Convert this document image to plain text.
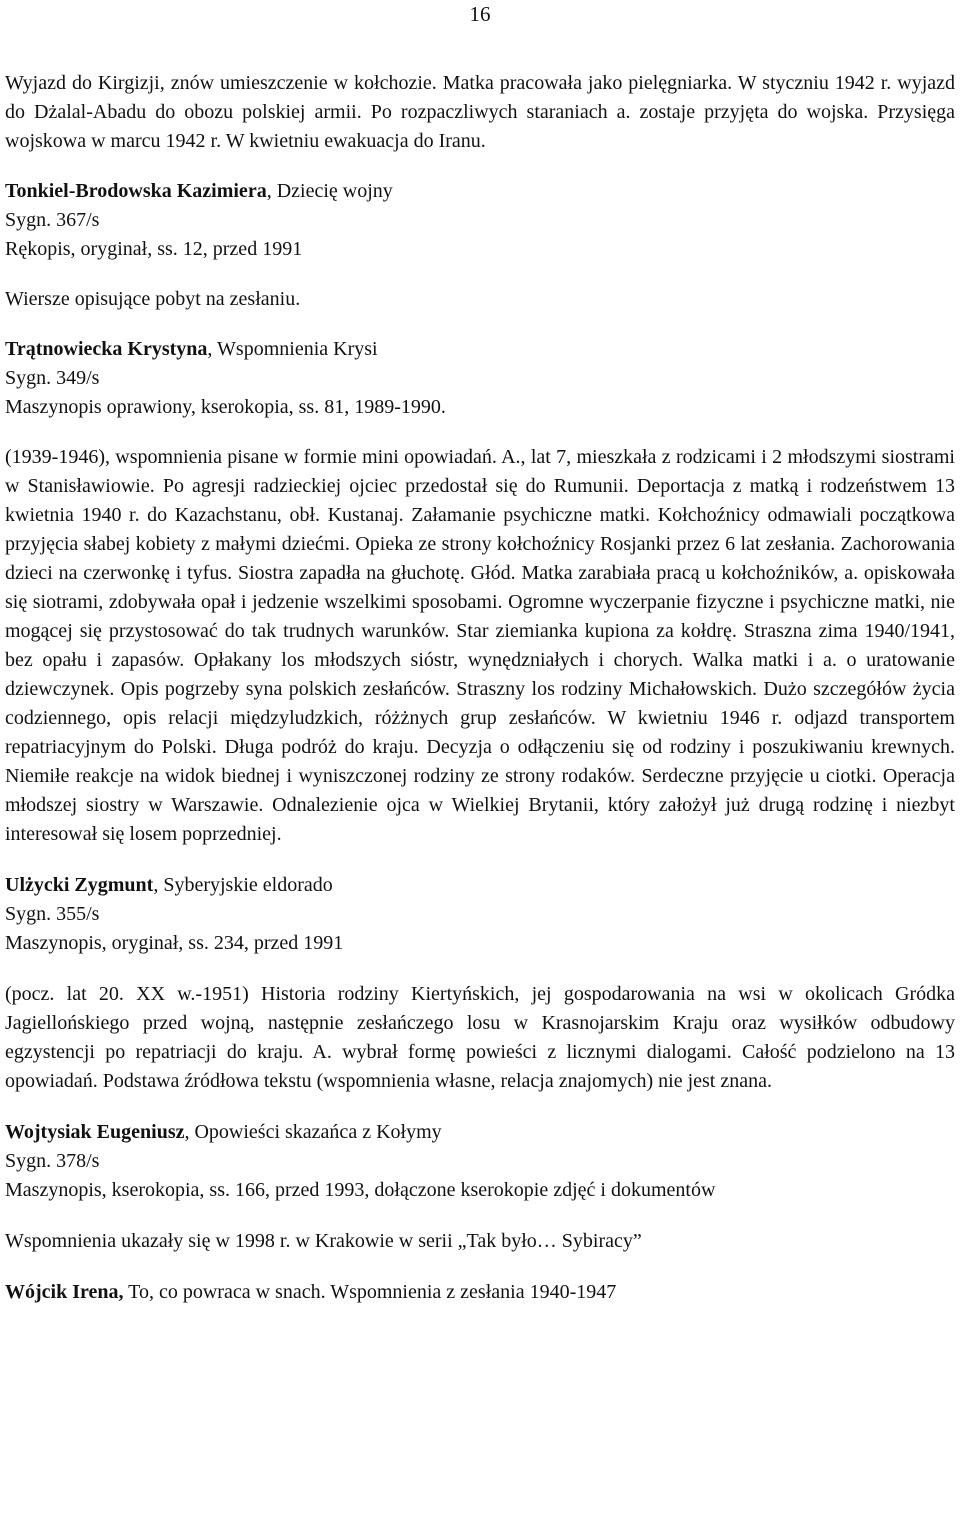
16

Wyjazd do Kirgizji, znów umieszczenie w kołchozie. Matka pracowała jako pielęgniarka. W styczniu 1942 r. wyjazd do Dżalal-Abadu do obozu polskiej armii. Po rozpaczliwych staraniach a. zostaje przyjęta do wojska. Przysięga wojskowa w marcu 1942 r. W kwietniu ewakuacja do Iranu.

Tonkiel-Brodowska Kazimiera, Dziecię wojny

Sygn. 367/s

Rękopis, oryginał, ss. 12, przed 1991

Wiersze opisujące pobyt na zesłaniu.

Trątnowiecka Krystyna, Wspomnienia Krysi

Sygn. 349/s

Maszynopis oprawiony, kserokopia, ss. 81, 1989-1990.

(1939-1946), wspomnienia pisane w formie mini opowiadań. A., lat 7, mieszkała z rodzicami i 2 młodszymi siostrami w Stanisławiowie. Po agresji radzieckiej ojciec przedostał się do Rumunii. Deportacja z matką i rodzeństwem 13 kwietnia 1940 r. do Kazachstanu, obł. Kustanaj. Załamanie psychiczne matki. Kołchoźnicy odmawiali początkowa przyjęcia słabej kobiety z małymi dziećmi. Opieka ze strony kołchoźnicy Rosjanki przez 6 lat zesłania. Zachorowania dzieci na czerwonkę i tyfus. Siostra zapadła na głuchotę. Głód. Matka zarabiała pracą u kołchoźników, a. opiskowała się siotrami, zdobywała opał i jedzenie wszelkimi sposobami. Ogromne wyczerpanie fizyczne i psychiczne matki, nie mogącej się przystosować do tak trudnych warunków. Star ziemianka kupiona za kołdrę. Straszna zima 1940/1941, bez opału i zapasów. Opłakany los młodszych sióstr, wynędzniałych i chorych. Walka matki i a. o uratowanie dziewczynek. Opis pogrzeby syna polskich zesłańców. Straszny los rodziny Michałowskich. Dużo szczegółów życia codziennego, opis relacji międzyludzkich, różżnych grup zesłańców. W kwietniu 1946 r. odjazd transportem repatriacyjnym do Polski. Długa podróż do kraju. Decyzja o odłączeniu się od rodziny i poszukiwaniu krewnych. Niemiłe reakcje na widok biednej i wyniszczonej rodziny ze strony rodaków. Serdeczne przyjęcie u ciotki. Operacja młodszej siostry w Warszawie. Odnalezienie ojca w Wielkiej Brytanii, który założył już drugą rodzinę i niezbyt interesował się losem poprzedniej.

Ulżycki Zygmunt, Syberyjskie eldorado

Sygn. 355/s

Maszynopis, oryginał, ss. 234, przed 1991

(pocz. lat 20. XX w.-1951) Historia rodziny Kiertyńskich, jej gospodarowania na wsi w okolicach Gródka Jagiellońskiego przed wojną, następnie zesłańczego losu w Krasnojarskim Kraju oraz wysiłków odbudowy egzystencji po repatriacji do kraju. A. wybrał formę powieści z licznymi dialogami. Całość podzielono na 13 opowiadań. Podstawa źródłowa tekstu (wspomnienia własne, relacja znajomych) nie jest znana.

Wojtysiak Eugeniusz, Opowieści skazańca z Kołymy

Sygn. 378/s

Maszynopis, kserokopia, ss. 166, przed 1993, dołączone kserokopie zdjęć i dokumentów

Wspomnienia ukazały się w 1998 r. w Krakowie w serii „Tak było… Sybiracy”

Wójcik Irena, To, co powraca w snach. Wspomnienia z zesłania 1940-1947
